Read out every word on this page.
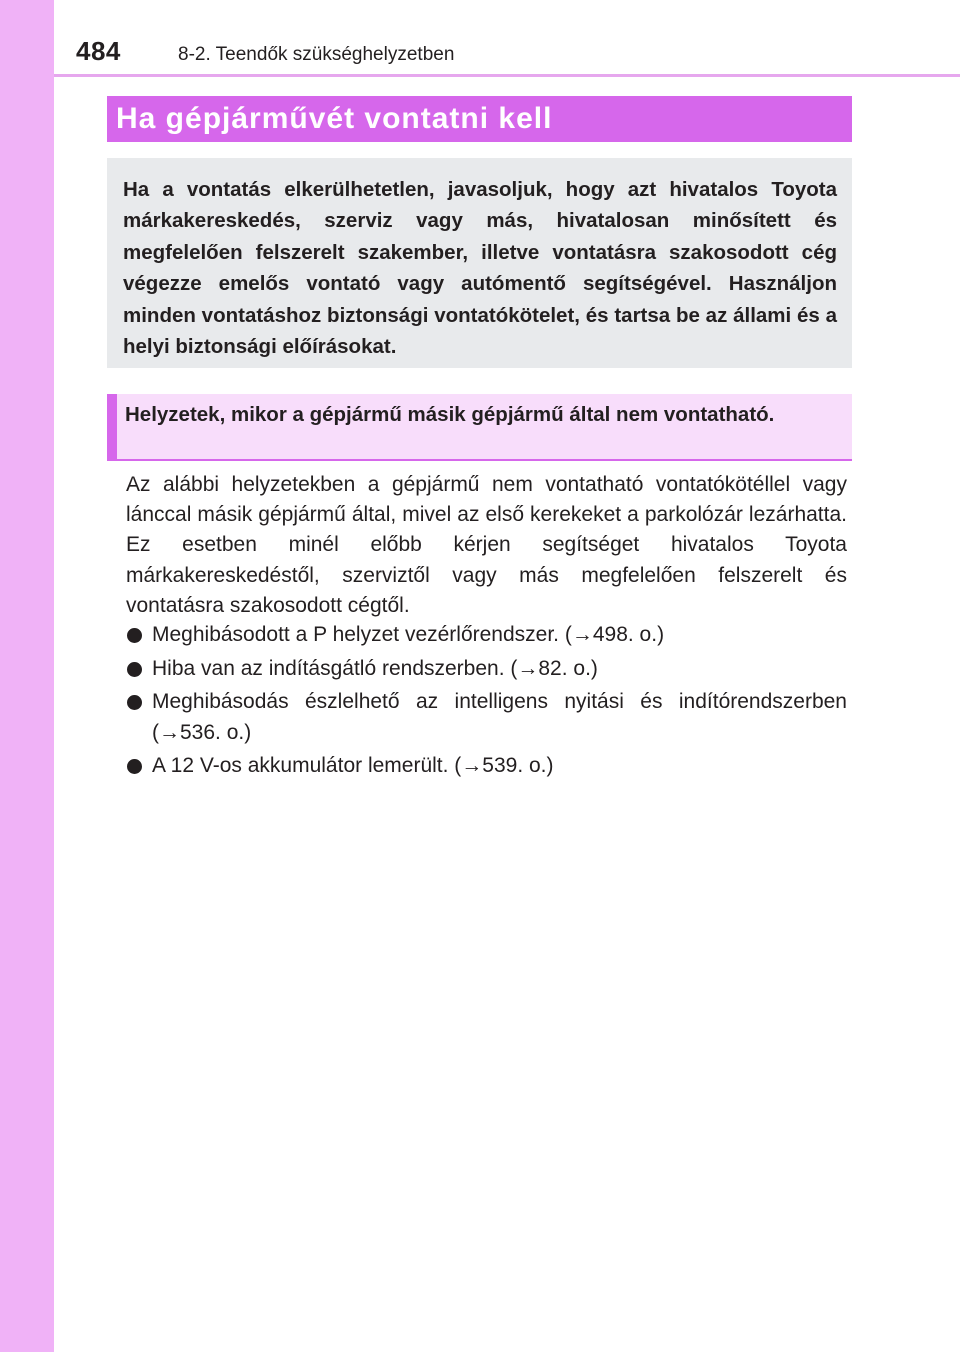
484	8-2. Teendők szükséghelyzetben
Ha gépjárművét vontatni kell

Ha a vontatás elkerülhetetlen, javasoljuk, hogy azt hivatalos Toyota márkakereskedés, szerviz vagy más, hivatalosan minősített és megfelelően felszerelt szakember, illetve vontatásra szakosodott cég végezze emelős vontató vagy autómentő segítségével. Használjon minden vontatáshoz biztonsági vontatókötelet, és tartsa be az állami és a helyi biztonsági előírásokat.

Helyzetek, mikor a gépjármű másik gépjármű által nem vontatható.

Az alábbi helyzetekben a gépjármű nem vontatható vontatókötéllel vagy lánccal másik gépjármű által, mivel az első kerekeket a parkolózár lezárhatta. Ez esetben minél előbb kérjen segítséget hivatalos Toyota márkakereskedéstől, szerviztől vagy más megfelelően felszerelt és vontatásra szakosodott cégtől.

Meghibásodott a P helyzet vezérlőrendszer. (→498. o.)
Hiba van az indításgátló rendszerben. (→82. o.)
Meghibásodás észlelhető az intelligens nyitási és indítórendszerben (→536. o.)
A 12 V-os akkumulátor lemerült. (→539. o.)
